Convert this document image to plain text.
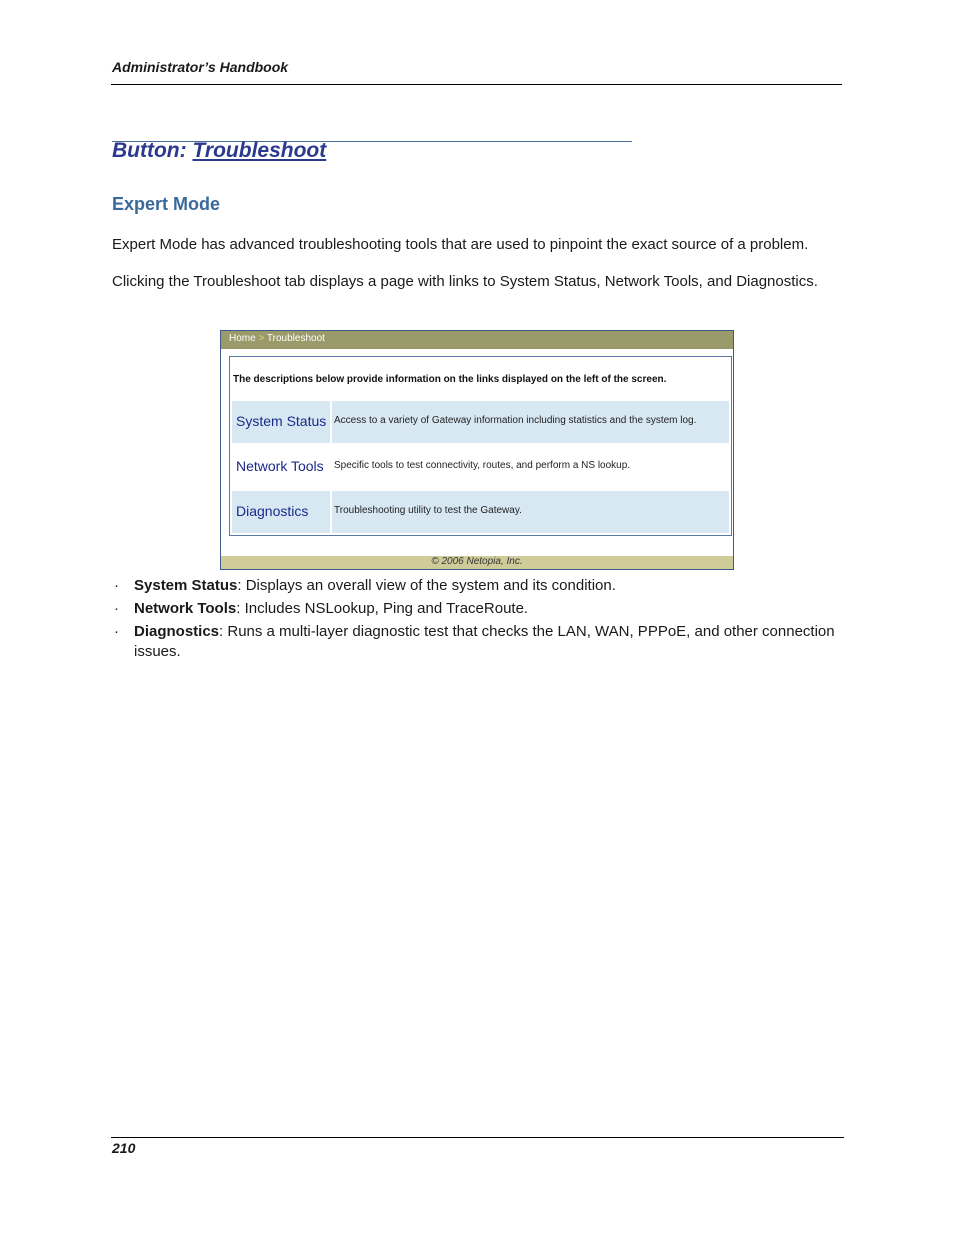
Administrator’s Handbook
Button: Troubleshoot
Expert Mode
Expert Mode has advanced troubleshooting tools that are used to pinpoint the exact source of a problem.
Clicking the Troubleshoot tab displays a page with links to System Status, Network Tools, and Diagnostics.
Home > Troubleshoot
The descriptions below provide information on the links displayed on the left of the screen.
System Status Access to a variety of Gateway information including statistics and the system log.
Network Tools Specific tools to test connectivity, routes, and perform a NS lookup.
Diagnostics	Troubleshooting utility to test the Gateway.
© 2006 Netopia, Inc.
· System Status: Displays an overall view of the system and its condition.
· Network Tools: Includes NSLookup, Ping and TraceRoute.
· Diagnostics: Runs a multi-layer diagnostic test that checks the LAN, WAN, PPPoE, and other connection issues.
210
